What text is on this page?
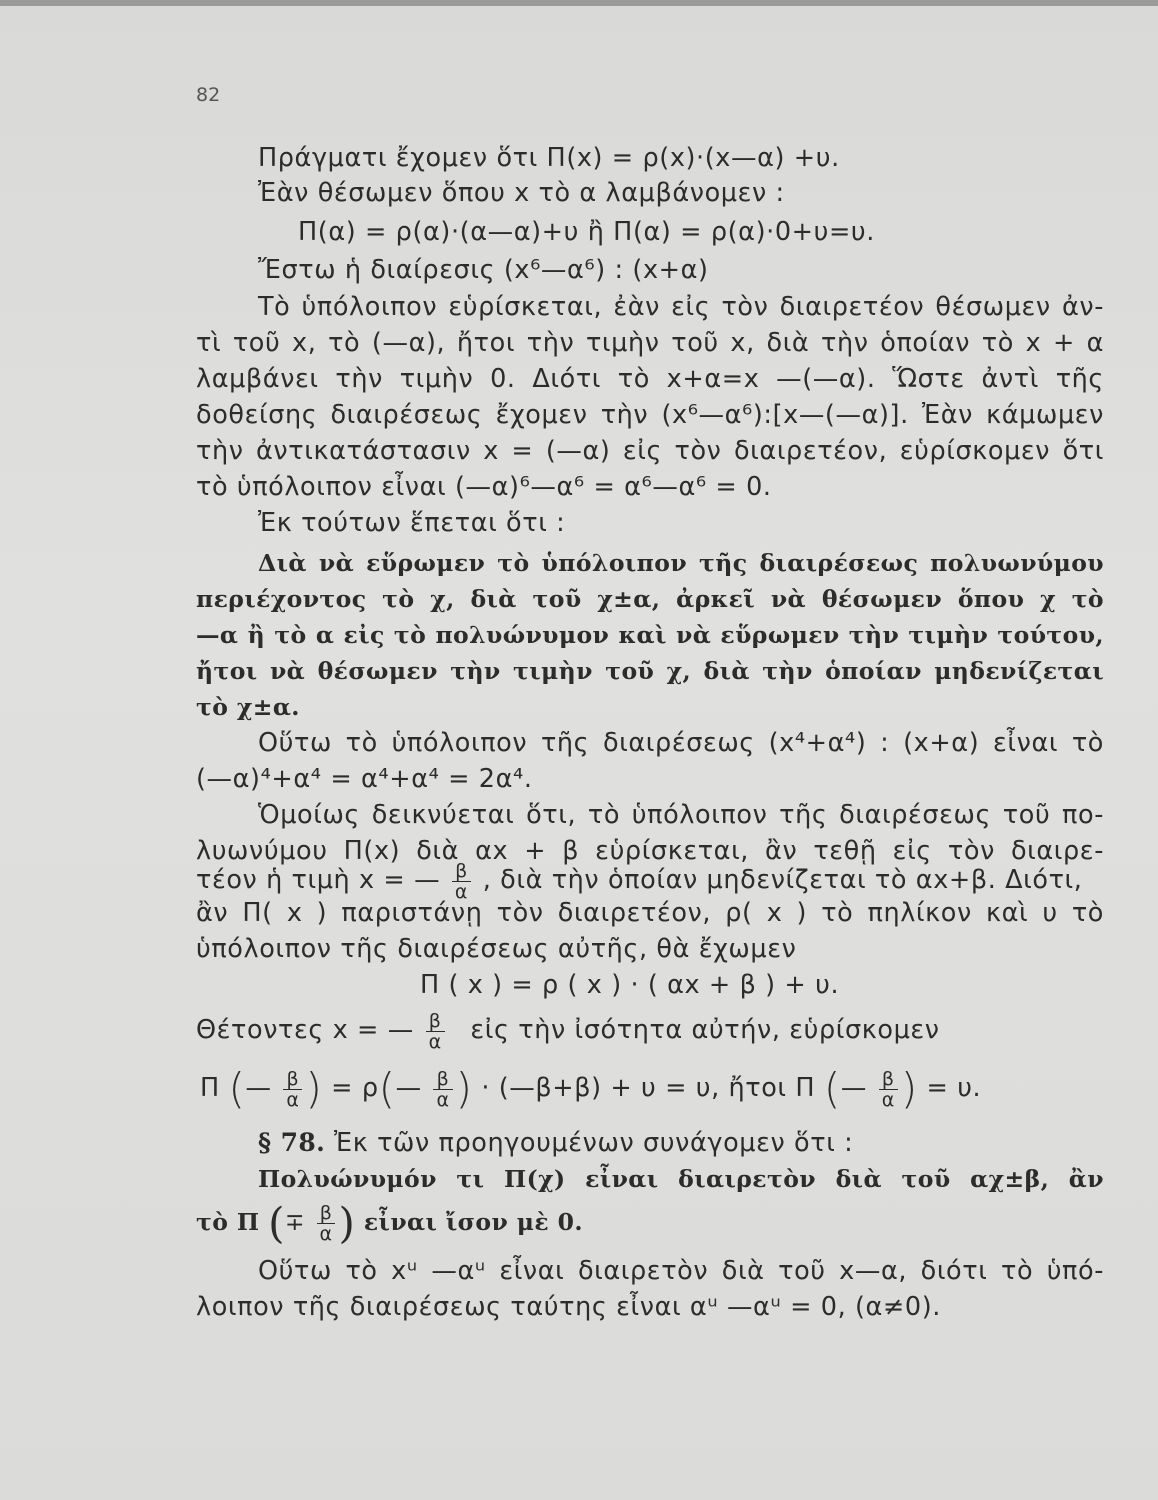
82
Πράγματι ἔχομεν ὅτι Π(x) = ρ(x)·(x—α) +υ.
Ἐὰν θέσωμεν ὅπου x τὸ α λαμβάνομεν :
Π(α) = ρ(α)·(α—α)+υ ἢ Π(α) = ρ(α)·0+υ=υ.
Ἔστω ἡ διαίρεσις (x⁶—α⁶) : (x+α)
Τὸ ὑπόλοιπον εὑρίσκεται, ἐὰν εἰς τὸν διαιρετέον θέσωμεν ἀν-
τὶ τοῦ x, τὸ (—α), ἤτοι τὴν τιμὴν τοῦ x, διὰ τὴν ὁποίαν τὸ x + α
λαμβάνει τὴν τιμὴν 0. Διότι τὸ x+α=x —(—α). Ὥστε ἀντὶ τῆς
δοθείσης διαιρέσεως ἔχομεν τὴν (x⁶—α⁶):[x—(—α)]. Ἐὰν κάμωμεν
τὴν ἀντικατάστασιν x = (—α) εἰς τὸν διαιρετέον, εὑρίσκομεν ὅτι
τὸ ὑπόλοιπον εἶναι (—α)⁶—α⁶ = α⁶—α⁶ = 0.
Ἐκ τούτων ἕπεται ὅτι :
Διὰ νὰ εὕρωμεν τὸ ὑπόλοιπον τῆς διαιρέσεως πολυωνύμου
περιέχοντος τὸ χ, διὰ τοῦ χ±α, ἀρκεῖ νὰ θέσωμεν ὅπου χ τὸ
—α ἢ τὸ α εἰς τὸ πολυώνυμον καὶ νὰ εὕρωμεν τὴν τιμὴν τούτου,
ἤτοι νὰ θέσωμεν τὴν τιμὴν τοῦ χ, διὰ τὴν ὁποίαν μηδενίζεται
τὸ χ±α.
Οὕτω τὸ ὑπόλοιπον τῆς διαιρέσεως (x⁴+α⁴) : (x+α) εἶναι τὸ
(—α)⁴+α⁴ = α⁴+α⁴ = 2α⁴.
Ὁμοίως δεικνύεται ὅτι, τὸ ὑπόλοιπον τῆς διαιρέσεως τοῦ πο-
λυωνύμου Π(x) διὰ αx + β εὑρίσκεται, ἂν τεθῇ εἰς τὸν διαιρε-
τέον ἡ τιμὴ x = — $\frac{\beta}{\alpha}$ , διὰ τὴν ὁποίαν μηδενίζεται τὸ αx+β. Διότι,
ἂν Π( x ) παριστάνῃ τὸν διαιρετέον, ρ( x ) τὸ πηλίκον καὶ υ τὸ
ὑπόλοιπον τῆς διαιρέσεως αὐτῆς, θὰ ἔχωμεν
Π ( x ) = ρ ( x ) · ( αx + β ) + υ.
Θέτοντες x = — $\frac{\beta}{\alpha}$ εἰς τὴν ἰσότητα αὐτήν, εὑρίσκομεν
Π (— $\frac{\beta}{\alpha}$ ) = ρ(— $\frac{\beta}{\alpha}$ ) · (—β+β) + υ = υ, ἤτοι Π (— $\frac{\beta}{\alpha}$ ) = υ.
§ 78. Ἐκ τῶν προηγουμένων συνάγομεν ὅτι :
Πολυώνυμόν τι Π(χ) εἶναι διαιρετὸν διὰ τοῦ αχ±β, ἂν
τὸ Π (∓ $\frac{\beta}{\alpha}$ ) εἶναι ἴσον μὲ 0.
Οὕτω τὸ xᵘ —αᵘ εἶναι διαιρετὸν διὰ τοῦ x—α, διότι τὸ ὑπό-
λοιπον τῆς διαιρέσεως ταύτης εἶναι αᵘ —αᵘ = 0, (α≠0).
